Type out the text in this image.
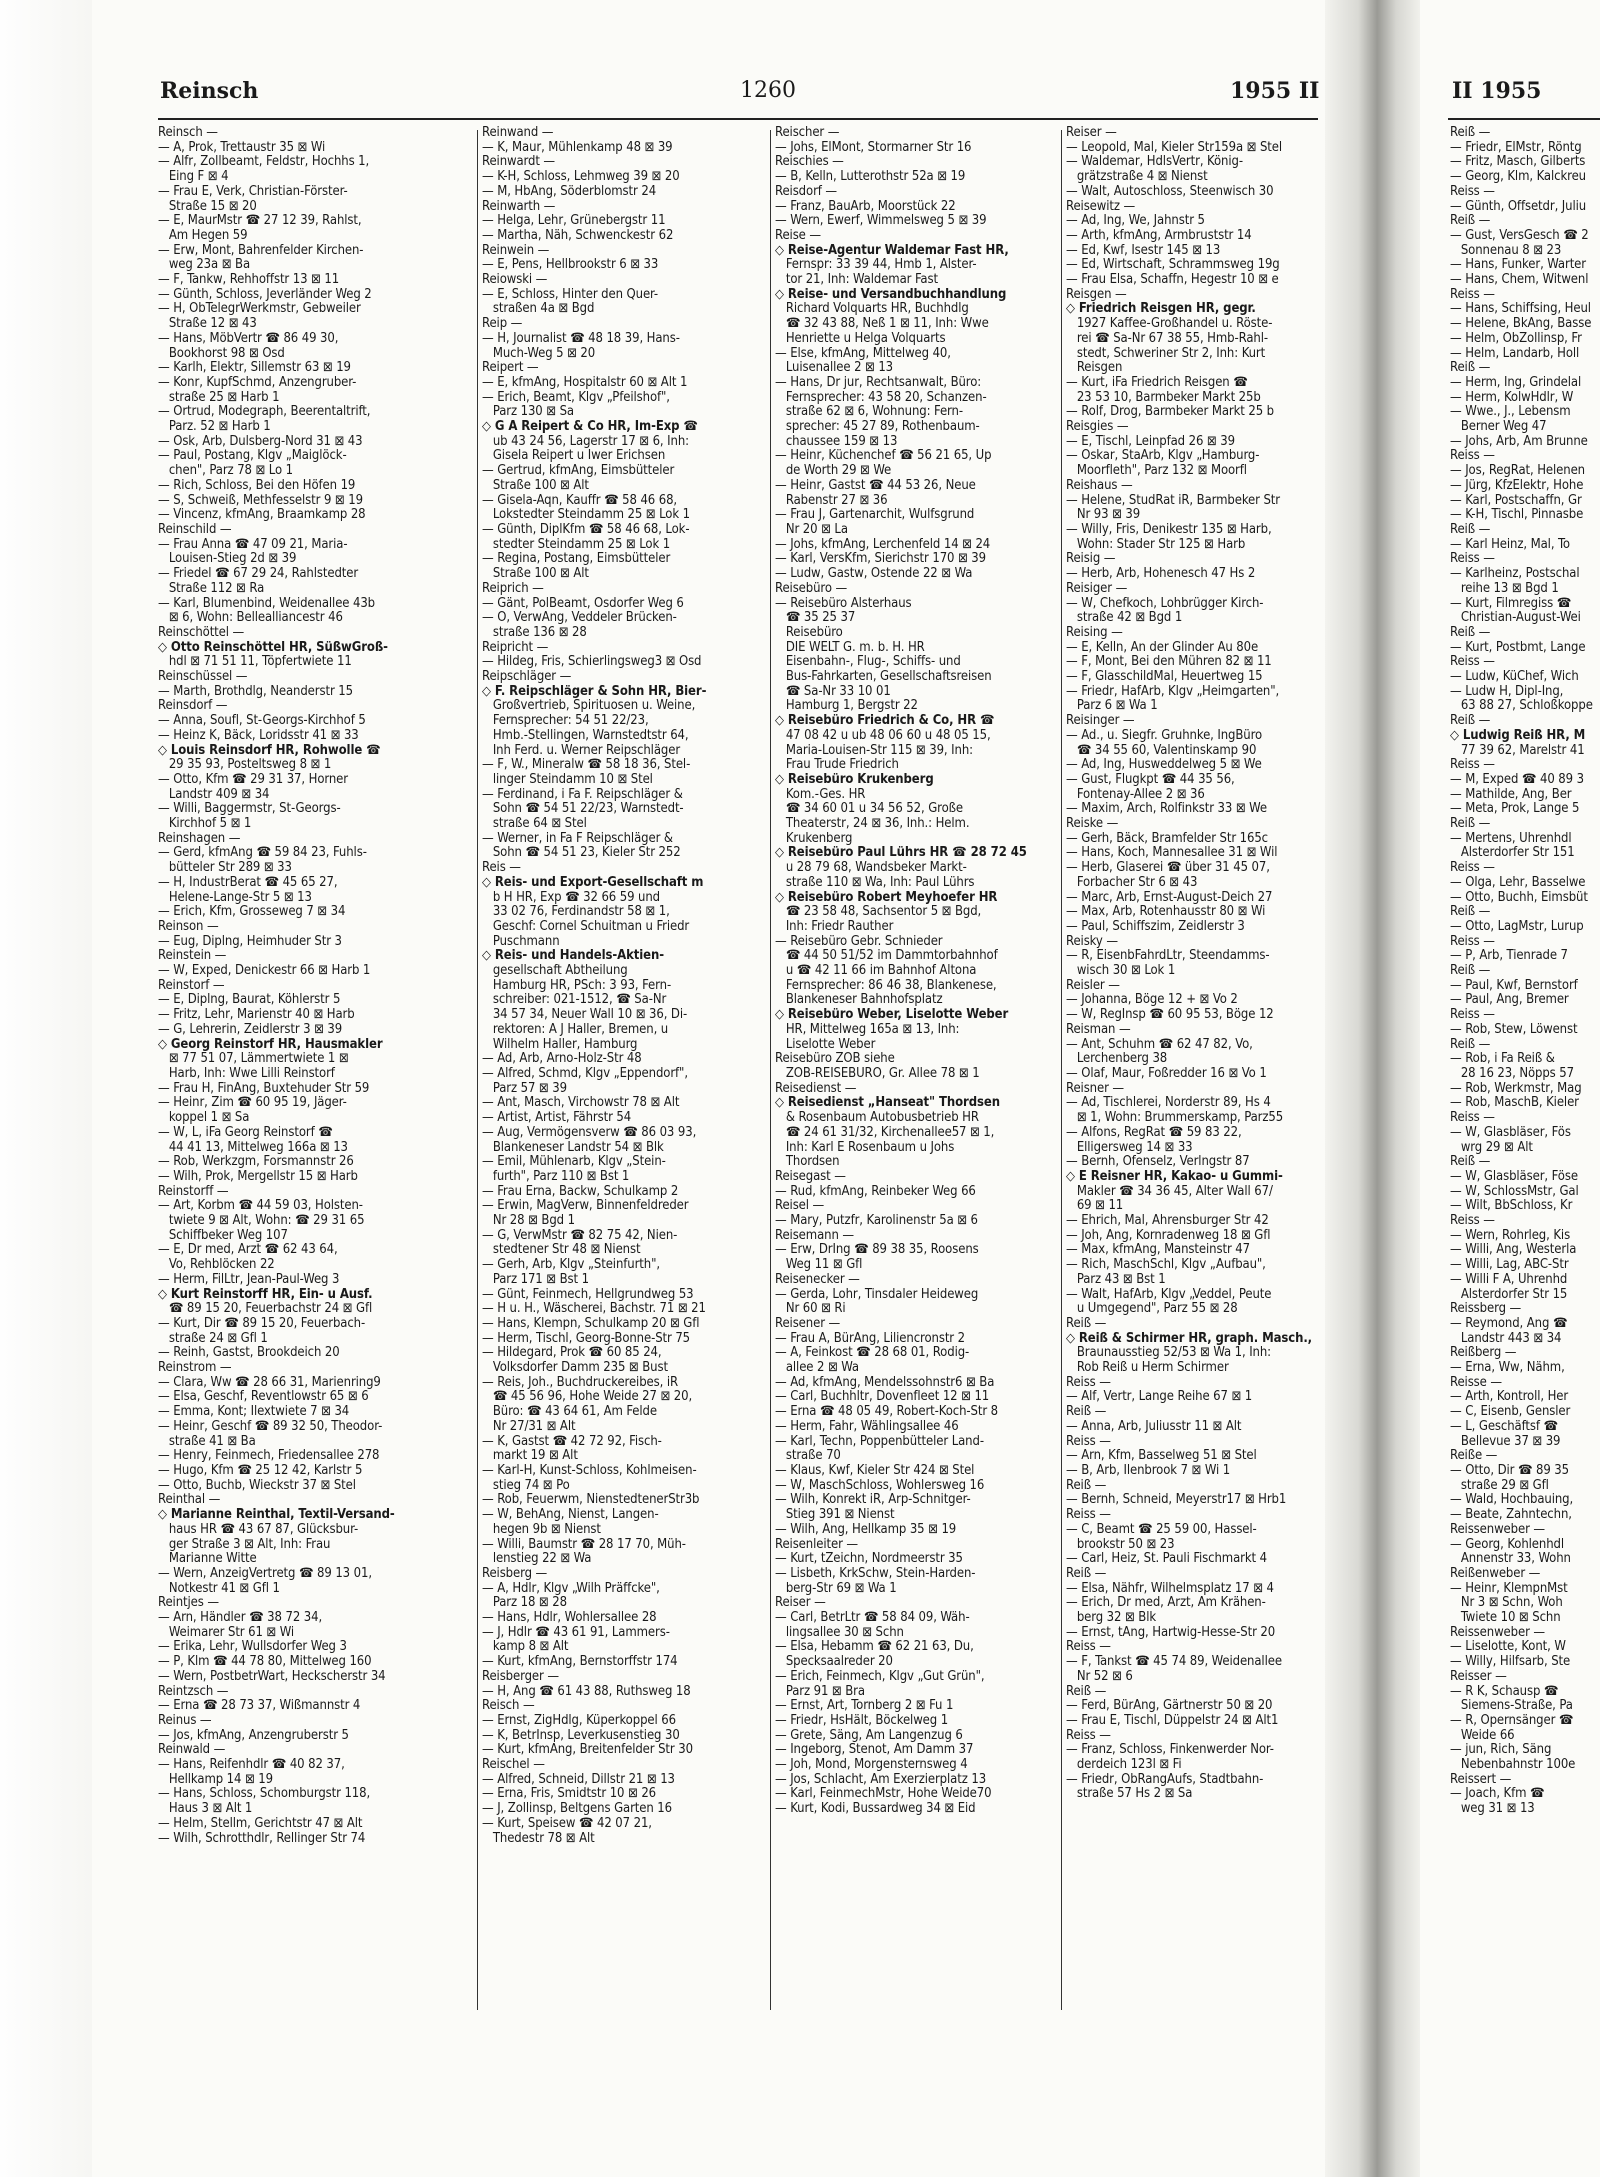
Reinsch	1260	1955 II	II 1955
Reinsch —
— A, Prok, Trettaustr 35 ⊠ Wi
— Alfr, Zollbeamt, Feldstr, Hochhs 1,
Eing F ⊠ 4
— Frau E, Verk, Christian-Förster-
Straße 15 ⊠ 20
— E, MaurMstr ☎ 27 12 39, Rahlst,
Am Hegen 59
— Erw, Mont, Bahrenfelder Kirchen-
weg 23a ⊠ Ba
— F, Tankw, Rehhoffstr 13 ⊠ 11
— Günth, Schloss, Jeverländer Weg 2
— H, ObTelegrWerkmstr, Gebweiler
Straße 12 ⊠ 43
— Hans, MöbVertr ☎ 86 49 30,
Bookhorst 98 ⊠ Osd
— Karlh, Elektr, Sillemstr 63 ⊠ 19
— Konr, KupfSchmd, Anzengruber-
straße 25 ⊠ Harb 1
— Ortrud, Modegraph, Beerentaltrift,
Parz. 52 ⊠ Harb 1
— Osk, Arb, Dulsberg-Nord 31 ⊠ 43
— Paul, Postang, Klgv „Maiglöck-
chen", Parz 78 ⊠ Lo 1
— Rich, Schloss, Bei den Höfen 19
— S, Schweiß, Methfesselstr 9 ⊠ 19
— Vincenz, kfmAng, Braamkamp 28
Reinschild —
— Frau Anna ☎ 47 09 21, Maria-
Louisen-Stieg 2d ⊠ 39
— Friedel ☎ 67 29 24, Rahlstedter
Straße 112 ⊠ Ra
— Karl, Blumenbind, Weidenallee 43b
⊠ 6, Wohn: Bellealliancestr 46
Reinschöttel —
◇ Otto Reinschöttel HR, SüßwGroß-
hdl ⊠ 71 51 11, Töpfertwiete 11
Reinschüssel —
— Marth, Brothdlg, Neanderstr 15
Reinsdorf —
— Anna, Soufl, St-Georgs-Kirchhof 5
— Heinz K, Bäck, Loridsstr 41 ⊠ 33
◇ Louis Reinsdorf HR, Rohwolle ☎
29 35 93, Posteltsweg 8 ⊠ 1
— Otto, Kfm ☎ 29 31 37, Horner
Landstr 409 ⊠ 34
— Willi, Baggermstr, St-Georgs-
Kirchhof 5 ⊠ 1
Reinshagen —
— Gerd, kfmAng ☎ 59 84 23, Fuhls-
bütteler Str 289 ⊠ 33
— H, IndustrBerat ☎ 45 65 27,
Helene-Lange-Str 5 ⊠ 13
— Erich, Kfm, Grosseweg 7 ⊠ 34
Reinson —
— Eug, Diplng, Heimhuder Str 3
Reinstein —
— W, Exped, Denickestr 66 ⊠ Harb 1
Reinstorf —
— E, Diplng, Baurat, Köhlerstr 5
— Fritz, Lehr, Marienstr 40 ⊠ Harb
— G, Lehrerin, Zeidlerstr 3 ⊠ 39
◇ Georg Reinstorf HR, Hausmakler
⊠ 77 51 07, Lämmertwiete 1 ⊠
Harb, Inh: Wwe Lilli Reinstorf
— Frau H, FinAng, Buxtehuder Str 59
— Heinr, Zim ☎ 60 95 19, Jäger-
koppel 1 ⊠ Sa
— W, L, iFa Georg Reinstorf ☎
44 41 13, Mittelweg 166a ⊠ 13
— Rob, Werkzgm, Forsmannstr 26
— Wilh, Prok, Mergellstr 15 ⊠ Harb
Reinstorff —
— Art, Korbm ☎ 44 59 03, Holsten-
twiete 9 ⊠ Alt, Wohn: ☎ 29 31 65
Schiffbeker Weg 107
— E, Dr med, Arzt ☎ 62 43 64,
Vo, Rehblöcken 22
— Herm, FilLtr, Jean-Paul-Weg 3
◇ Kurt Reinstorff HR, Ein- u Ausf.
☎ 89 15 20, Feuerbachstr 24 ⊠ Gfl
— Kurt, Dir ☎ 89 15 20, Feuerbach-
straße 24 ⊠ Gfl 1
— Reinh, Gastst, Brookdeich 20
Reinstrom —
— Clara, Ww ☎ 28 66 31, Marienring9
— Elsa, Geschf, Reventlowstr 65 ⊠ 6
— Emma, Kont; Ilextwiete 7 ⊠ 34
— Heinr, Geschf ☎ 89 32 50, Theodor-
straße 41 ⊠ Ba
— Henry, Feinmech, Friedensallee 278
— Hugo, Kfm ☎ 25 12 42, Karlstr 5
— Otto, Buchb, Wieckstr 37 ⊠ Stel
Reinthal —
◇ Marianne Reinthal, Textil-Versand-
haus HR ☎ 43 67 87, Glücksbur-
ger Straße 3 ⊠ Alt, Inh: Frau
Marianne Witte
— Wern, AnzeigVertretg ☎ 89 13 01,
Notkestr 41 ⊠ Gfl 1
Reintjes —
— Arn, Händler ☎ 38 72 34,
Weimarer Str 61 ⊠ Wi
— Erika, Lehr, Wullsdorfer Weg 3
— P, Klm ☎ 44 78 80, Mittelweg 160
— Wern, PostbetrWart, Heckscherstr 34
Reintzsch —
— Erna ☎ 28 73 37, Wißmannstr 4
Reinus —
— Jos, kfmAng, Anzengruberstr 5
Reinwald —
— Hans, Reifenhdlr ☎ 40 82 37,
Hellkamp 14 ⊠ 19
— Hans, Schloss, Schomburgstr 118,
Haus 3 ⊠ Alt 1
— Helm, Stellm, Gerichtstr 47 ⊠ Alt
— Wilh, Schrotthdlr, Rellinger Str 74
Reinwand —
— K, Maur, Mühlenkamp 48 ⊠ 39
Reinwardt —
— K-H, Schloss, Lehmweg 39 ⊠ 20
— M, HbAng, Söderblomstr 24
Reinwarth —
— Helga, Lehr, Grünebergstr 11
— Martha, Näh, Schwenckestr 62
Reinwein —
— E, Pens, Hellbrookstr 6 ⊠ 33
Reiowski —
— E, Schloss, Hinter den Quer-
straßen 4a ⊠ Bgd
Reip —
— H, Journalist ☎ 48 18 39, Hans-
Much-Weg 5 ⊠ 20
Reipert —
— E, kfmAng, Hospitalstr 60 ⊠ Alt 1
— Erich, Beamt, Klgv „Pfeilshof",
Parz 130 ⊠ Sa
◇ G A Reipert & Co HR, Im-Exp ☎
ub 43 24 56, Lagerstr 17 ⊠ 6, Inh:
Gisela Reipert u Iwer Erichsen
— Gertrud, kfmAng, Eimsbütteler
Straße 100 ⊠ Alt
— Gisela-Aqn, Kauffr ☎ 58 46 68,
Lokstedter Steindamm 25 ⊠ Lok 1
— Günth, DiplKfm ☎ 58 46 68, Lok-
stedter Steindamm 25 ⊠ Lok 1
— Regina, Postang, Eimsbütteler
Straße 100 ⊠ Alt
Reiprich —
— Gänt, PolBeamt, Osdorfer Weg 6
— O, VerwAng, Veddeler Brücken-
straße 136 ⊠ 28
Reipricht —
— Hildeg, Fris, Schierlingsweg3 ⊠ Osd
Reipschläger —
◇ F. Reipschläger & Sohn HR, Bier-
Großvertrieb, Spirituosen u. Weine,
Fernsprecher: 54 51 22/23,
Hmb.-Stellingen, Warnstedtstr 64,
Inh Ferd. u. Werner Reipschläger
— F, W., Mineralw ☎ 58 18 36, Stel-
linger Steindamm 10 ⊠ Stel
— Ferdinand, i Fa F. Reipschläger &
Sohn ☎ 54 51 22/23, Warnstedt-
straße 64 ⊠ Stel
— Werner, in Fa F Reipschläger &
Sohn ☎ 54 51 23, Kieler Str 252
Reis —
◇ Reis- und Export-Gesellschaft m
b H HR, Exp ☎ 32 66 59 und
33 02 76, Ferdinandstr 58 ⊠ 1,
Geschf: Cornel Schuitman u Friedr
Puschmann
◇ Reis- und Handels-Aktien-
gesellschaft Abtheilung
Hamburg HR, PSch: 3 93, Fern-
schreiber: 021-1512, ☎ Sa-Nr
34 57 34, Neuer Wall 10 ⊠ 36, Di-
rektoren: A J Haller, Bremen, u
Wilhelm Haller, Hamburg
— Ad, Arb, Arno-Holz-Str 48
— Alfred, Schmd, Klgv „Eppendorf",
Parz 57 ⊠ 39
— Ant, Masch, Virchowstr 78 ⊠ Alt
— Artist, Artist, Fährstr 54
— Aug, Vermögensverw ☎ 86 03 93,
Blankeneser Landstr 54 ⊠ Blk
— Emil, Mühlenarb, Klgv „Stein-
furth", Parz 110 ⊠ Bst 1
— Frau Erna, Backw, Schulkamp 2
— Erwin, MagVerw, Binnenfeldreder
Nr 28 ⊠ Bgd 1
— G, VerwMstr ☎ 82 75 42, Nien-
stedtener Str 48 ⊠ Nienst
— Gerh, Arb, Klgv „Steinfurth",
Parz 171 ⊠ Bst 1
— Günt, Feinmech, Hellgrundweg 53
— H u. H., Wäscherei, Bachstr. 71 ⊠ 21
— Hans, Klempn, Schulkamp 20 ⊠ Gfl
— Herm, Tischl, Georg-Bonne-Str 75
— Hildegard, Prok ☎ 60 85 24,
Volksdorfer Damm 235 ⊠ Bust
— Reis, Joh., Buchdruckereibes, iR
☎ 45 56 96, Hohe Weide 27 ⊠ 20,
Büro: ☎ 43 64 61, Am Felde
Nr 27/31 ⊠ Alt
— K, Gastst ☎ 42 72 92, Fisch-
markt 19 ⊠ Alt
— Karl-H, Kunst-Schloss, Kohlmeisen-
stieg 74 ⊠ Po
— Rob, Feuerwm, NienstedtenerStr3b
— W, BehAng, Nienst, Langen-
hegen 9b ⊠ Nienst
— Willi, Baumstr ☎ 28 17 70, Müh-
lenstieg 22 ⊠ Wa
Reisberg —
— A, Hdlr, Klgv „Wilh Präffcke",
Parz 18 ⊠ 28
— Hans, Hdlr, Wohlersallee 28
— J, Hdlr ☎ 43 61 91, Lammers-
kamp 8 ⊠ Alt
— Kurt, kfmAng, Bernstorffstr 174
Reisberger —
— H, Ang ☎ 61 43 88, Ruthsweg 18
Reisch —
— Ernst, ZigHdlg, Küperkoppel 66
— K, BetrInsp, Leverkusenstieg 30
— Kurt, kfmAng, Breitenfelder Str 30
Reischel —
— Alfred, Schneid, Dillstr 21 ⊠ 13
— Erna, Fris, Smidtstr 10 ⊠ 26
— J, Zollinsp, Beltgens Garten 16
— Kurt, Speisew ☎ 42 07 21,
Thedestr 78 ⊠ Alt
Reischer —
— Johs, ElMont, Stormarner Str 16
Reischies —
— B, Kelln, Lutterothstr 52a ⊠ 19
Reisdorf —
— Franz, BauArb, Moorstück 22
— Wern, Ewerf, Wimmelsweg 5 ⊠ 39
Reise —
◇ Reise-Agentur Waldemar Fast HR,
Fernspr: 33 39 44, Hmb 1, Alster-
tor 21, Inh: Waldemar Fast
◇ Reise- und Versandbuchhandlung
Richard Volquarts HR, Buchhdlg
☎ 32 43 88, Neß 1 ⊠ 11, Inh: Wwe
Henriette u Helga Volquarts
— Else, kfmAng, Mittelweg 40,
Luisenallee 2 ⊠ 13
— Hans, Dr jur, Rechtsanwalt, Büro:
Fernsprecher: 43 58 20, Schanzen-
straße 62 ⊠ 6, Wohnung: Fern-
sprecher: 45 27 89, Rothenbaum-
chaussee 159 ⊠ 13
— Heinr, Küchenchef ☎ 56 21 65, Up
de Worth 29 ⊠ We
— Heinr, Gastst ☎ 44 53 26, Neue
Rabenstr 27 ⊠ 36
— Frau J, Gartenarchit, Wulfsgrund
Nr 20 ⊠ La
— Johs, kfmAng, Lerchenfeld 14 ⊠ 24
— Karl, VersKfm, Sierichstr 170 ⊠ 39
— Ludw, Gastw, Ostende 22 ⊠ Wa
Reisebüro —
— Reisebüro Alsterhaus
☎ 35 25 37
Reisebüro
DIE WELT G. m. b. H. HR
Eisenbahn-, Flug-, Schiffs- und
Bus-Fahrkarten, Gesellschaftsreisen
☎ Sa-Nr 33 10 01
Hamburg 1, Bergstr 22
◇ Reisebüro Friedrich & Co, HR ☎
47 08 42 u ub 48 06 60 u 48 05 15,
Maria-Louisen-Str 115 ⊠ 39, Inh:
Frau Trude Friedrich
◇ Reisebüro Krukenberg
Kom.-Ges. HR
☎ 34 60 01 u 34 56 52, Große
Theaterstr, 24 ⊠ 36, Inh.: Helm.
Krukenberg
◇ Reisebüro Paul Lührs HR ☎ 28 72 45
u 28 79 68, Wandsbeker Markt-
straße 110 ⊠ Wa, Inh: Paul Lührs
◇ Reisebüro Robert Meyhoefer HR
☎ 23 58 48, Sachsentor 5 ⊠ Bgd,
Inh: Friedr Rauther
— Reisebüro Gebr. Schnieder
☎ 44 50 51/52 im Dammtorbahnhof
u ☎ 42 11 66 im Bahnhof Altona
Fernsprecher: 86 46 38, Blankenese,
Blankeneser Bahnhofsplatz
◇ Reisebüro Weber, Liselotte Weber
HR, Mittelweg 165a ⊠ 13, Inh:
Liselotte Weber
Reisebüro ZOB siehe
ZOB-REISEBURO, Gr. Allee 78 ⊠ 1
Reisedienst —
◇ Reisedienst „Hanseat" Thordsen
& Rosenbaum Autobusbetrieb HR
☎ 24 61 31/32, Kirchenallee57 ⊠ 1,
Inh: Karl E Rosenbaum u Johs
Thordsen
Reisegast —
— Rud, kfmAng, Reinbeker Weg 66
Reisel —
— Mary, Putzfr, Karolinenstr 5a ⊠ 6
Reisemann —
— Erw, DrIng ☎ 89 38 35, Roosens
Weg 11 ⊠ Gfl
Reisenecker —
— Gerda, Lohr, Tinsdaler Heideweg
Nr 60 ⊠ Ri
Reisener —
— Frau A, BürAng, Liliencronstr 2
— A, Feinkost ☎ 28 68 01, Rodig-
allee 2 ⊠ Wa
— Ad, kfmAng, Mendelssohnstr6 ⊠ Ba
— Carl, Buchhltr, Dovenfleet 12 ⊠ 11
— Erna ☎ 48 05 49, Robert-Koch-Str 8
— Herm, Fahr, Wählingsallee 46
— Karl, Techn, Poppenbütteler Land-
straße 70
— Klaus, Kwf, Kieler Str 424 ⊠ Stel
— W, MaschSchloss, Wohlersweg 16
— Wilh, Konrekt iR, Arp-Schnitger-
Stieg 391 ⊠ Nienst
— Wilh, Ang, Hellkamp 35 ⊠ 19
Reisenleiter —
— Kurt, tZeichn, Nordmeerstr 35
— Lisbeth, KrkSchw, Stein-Harden-
berg-Str 69 ⊠ Wa 1
Reiser —
— Carl, BetrLtr ☎ 58 84 09, Wäh-
lingsallee 30 ⊠ Schn
— Elsa, Hebamm ☎ 62 21 63, Du,
Specksaalreder 20
— Erich, Feinmech, Klgv „Gut Grün",
Parz 91 ⊠ Bra
— Ernst, Art, Tornberg 2 ⊠ Fu 1
— Friedr, HsHält, Böckelweg 1
— Grete, Säng, Am Langenzug 6
— Ingeborg, Stenot, Am Damm 37
— Joh, Mond, Morgensternsweg 4
— Jos, Schlacht, Am Exerzierplatz 13
— Karl, FeinmechMstr, Hohe Weide70
— Kurt, Kodi, Bussardweg 34 ⊠ Eid
Reiser —
— Leopold, Mal, Kieler Str159a ⊠ Stel
— Waldemar, HdlsVertr, König-
grätzstraße 4 ⊠ Nienst
— Walt, Autoschloss, Steenwisch 30
Reisewitz —
— Ad, Ing, We, Jahnstr 5
— Arth, kfmAng, Armbruststr 14
— Ed, Kwf, Isestr 145 ⊠ 13
— Ed, Wirtschaft, Schrammsweg 19g
— Frau Elsa, Schaffn, Hegestr 10 ⊠ e
Reisgen —
◇ Friedrich Reisgen HR, gegr.
1927 Kaffee-Großhandel u. Röste-
rei ☎ Sa-Nr 67 38 55, Hmb-Rahl-
stedt, Schweriner Str 2, Inh: Kurt
Reisgen
— Kurt, iFa Friedrich Reisgen ☎
23 53 10, Barmbeker Markt 25b
— Rolf, Drog, Barmbeker Markt 25 b
Reisgies —
— E, Tischl, Leinpfad 26 ⊠ 39
— Oskar, StaArb, Klgv „Hamburg-
Moorfleth", Parz 132 ⊠ Moorfl
Reishaus —
— Helene, StudRat iR, Barmbeker Str
Nr 93 ⊠ 39
— Willy, Fris, Denikestr 135 ⊠ Harb,
Wohn: Stader Str 125 ⊠ Harb
Reisig —
— Herb, Arb, Hohenesch 47 Hs 2
Reisiger —
— W, Chefkoch, Lohbrügger Kirch-
straße 42 ⊠ Bgd 1
Reising —
— E, Kelln, An der Glinder Au 80e
— F, Mont, Bei den Mühren 82 ⊠ 11
— F, GlasschildMal, Heuertweg 15
— Friedr, HafArb, Klgv „Heimgarten",
Parz 6 ⊠ Wa 1
Reisinger —
— Ad., u. Siegfr. Gruhnke, IngBüro
☎ 34 55 60, Valentinskamp 90
— Ad, Ing, Husweddelweg 5 ⊠ We
— Gust, Flugkpt ☎ 44 35 56,
Fontenay-Allee 2 ⊠ 36
— Maxim, Arch, Rolfinkstr 33 ⊠ We
Reiske —
— Gerh, Bäck, Bramfelder Str 165c
— Hans, Koch, Mannesallee 31 ⊠ Wil
— Herb, Glaserei ☎ über 31 45 07,
Forbacher Str 6 ⊠ 43
— Marc, Arb, Ernst-August-Deich 27
— Max, Arb, Rotenhausstr 80 ⊠ Wi
— Paul, Schiffszim, Zeidlerstr 3
Reisky —
— R, EisenbFahrdLtr, Steendamms-
wisch 30 ⊠ Lok 1
Reisler —
— Johanna, Böge 12 + ⊠ Vo 2
— W, RegInsp ☎ 60 95 53, Böge 12
Reisman —
— Ant, Schuhm ☎ 62 47 82, Vo,
Lerchenberg 38
— Olaf, Maur, Foßredder 16 ⊠ Vo 1
Reisner —
— Ad, Tischlerei, Norderstr 89, Hs 4
⊠ 1, Wohn: Brummerskamp, Parz55
— Alfons, RegRat ☎ 59 83 22,
Elligersweg 14 ⊠ 33
— Bernh, Ofenselz, Verlngstr 87
◇ E Reisner HR, Kakao- u Gummi-
Makler ☎ 34 36 45, Alter Wall 67/
69 ⊠ 11
— Ehrich, Mal, Ahrensburger Str 42
— Joh, Ang, Kornradenweg 18 ⊠ Gfl
— Max, kfmAng, Mansteinstr 47
— Rich, MaschSchl, Klgv „Aufbau",
Parz 43 ⊠ Bst 1
— Walt, HafArb, Klgv „Veddel, Peute
u Umgegend", Parz 55 ⊠ 28
Reiß —
◇ Reiß & Schirmer HR, graph. Masch.,
Braunausstieg 52/53 ⊠ Wa 1, Inh:
Rob Reiß u Herm Schirmer
Reiss —
— Alf, Vertr, Lange Reihe 67 ⊠ 1
Reiß —
— Anna, Arb, Juliusstr 11 ⊠ Alt
Reiss —
— Arn, Kfm, Basselweg 51 ⊠ Stel
— B, Arb, Ilenbrook 7 ⊠ Wi 1
Reiß —
— Bernh, Schneid, Meyerstr17 ⊠ Hrb1
Reiss —
— C, Beamt ☎ 25 59 00, Hassel-
brookstr 50 ⊠ 23
— Carl, Heiz, St. Pauli Fischmarkt 4
Reiß —
— Elsa, Nähfr, Wilhelmsplatz 17 ⊠ 4
— Erich, Dr med, Arzt, Am Krähen-
berg 32 ⊠ Blk
— Ernst, tAng, Hartwig-Hesse-Str 20
Reiss —
— F, Tankst ☎ 45 74 89, Weidenallee
Nr 52 ⊠ 6
Reiß —
— Ferd, BürAng, Gärtnerstr 50 ⊠ 20
— Frau E, Tischl, Düppelstr 24 ⊠ Alt1
Reiss —
— Franz, Schloss, Finkenwerder Nor-
derdeich 123l ⊠ Fi
— Friedr, ObRangAufs, Stadtbahn-
straße 57 Hs 2 ⊠ Sa
Reiß —
— Friedr, ElMstr, Röntg
— Fritz, Masch, Gilberts
— Georg, Klm, Kalckreu
Reiss —
— Günth, Offsetdr, Juliu
Reiß —
— Gust, VersGesch ☎ 2
Sonnenau 8 ⊠ 23
— Hans, Funker, Warter
— Hans, Chem, Witwenl
Reiss —
— Hans, Schiffsing, Heul
— Helene, BkAng, Basse
— Helm, ObZollinsp, Fr
— Helm, Landarb, Holl
Reiß —
— Herm, Ing, Grindelal
— Herm, KolwHdlr, W
— Wwe., J., Lebensm
Berner Weg 47
— Johs, Arb, Am Brunne
Reiss —
— Jos, RegRat, Helenen
— Jürg, KfzElektr, Hohe
— Karl, Postschaffn, Gr
— K-H, Tischl, Pinnasbe
Reiß —
— Karl Heinz, Mal, To
Reiss —
— Karlheinz, Postschal
reihe 13 ⊠ Bgd 1
— Kurt, Filmregiss ☎
Christian-August-Wei
Reiß —
— Kurt, Postbmt, Lange
Reiss —
— Ludw, KüChef, Wich
— Ludw H, Dipl-Ing,
63 88 27, Schloßkoppe
Reiß —
◇ Ludwig Reiß HR, M
77 39 62, Marelstr 41
Reiss —
— M, Exped ☎ 40 89 3
— Mathilde, Ang, Ber
— Meta, Prok, Lange 5
Reiß —
— Mertens, Uhrenhdl
Alsterdorfer Str 151
Reiss —
— Olga, Lehr, Basselwe
— Otto, Buchh, Eimsbüt
Reiß —
— Otto, LagMstr, Lurup
Reiss —
— P, Arb, Tienrade 7
Reiß —
— Paul, Kwf, Bernstorf
— Paul, Ang, Bremer
Reiss —
— Rob, Stew, Löwenst
Reiß —
— Rob, i Fa Reiß &
28 16 23, Nöpps 57
— Rob, Werkmstr, Mag
— Rob, MaschB, Kieler
Reiss —
— W, Glasbläser, Fös
wrg 29 ⊠ Alt
Reiß —
— W, Glasbläser, Föse
— W, SchlossMstr, Gal
— Wilt, BbSchloss, Kr
Reiss —
— Wern, Rohrleg, Kis
— Willi, Ang, Westerla
— Willi, Lag, ABC-Str
— Willi F A, Uhrenhd
Alsterdorfer Str 15
Reissberg —
— Reymond, Ang ☎
Landstr 443 ⊠ 34
Reißberg —
— Erna, Ww, Nähm,
Reisse —
— Arth, Kontroll, Her
— C, Eisenb, Gensler
— L, Geschäftsf ☎
Bellevue 37 ⊠ 39
Reiße —
— Otto, Dir ☎ 89 35
straße 29 ⊠ Gfl
— Wald, Hochbauing,
— Beate, Zahntechn,
Reissenweber —
— Georg, Kohlenhdl
Annenstr 33, Wohn
Reißenweber —
— Heinr, KlempnMst
Nr 3 ⊠ Schn, Woh
Twiete 10 ⊠ Schn
Reissenweber —
— Liselotte, Kont, W
— Willy, Hilfsarb, Ste
Reisser —
— R K, Schausp ☎
Siemens-Straße, Pa
— R, Opernsänger ☎
Weide 66
— jun, Rich, Säng
Nebenbahnstr 100e
Reissert —
— Joach, Kfm ☎
weg 31 ⊠ 13
